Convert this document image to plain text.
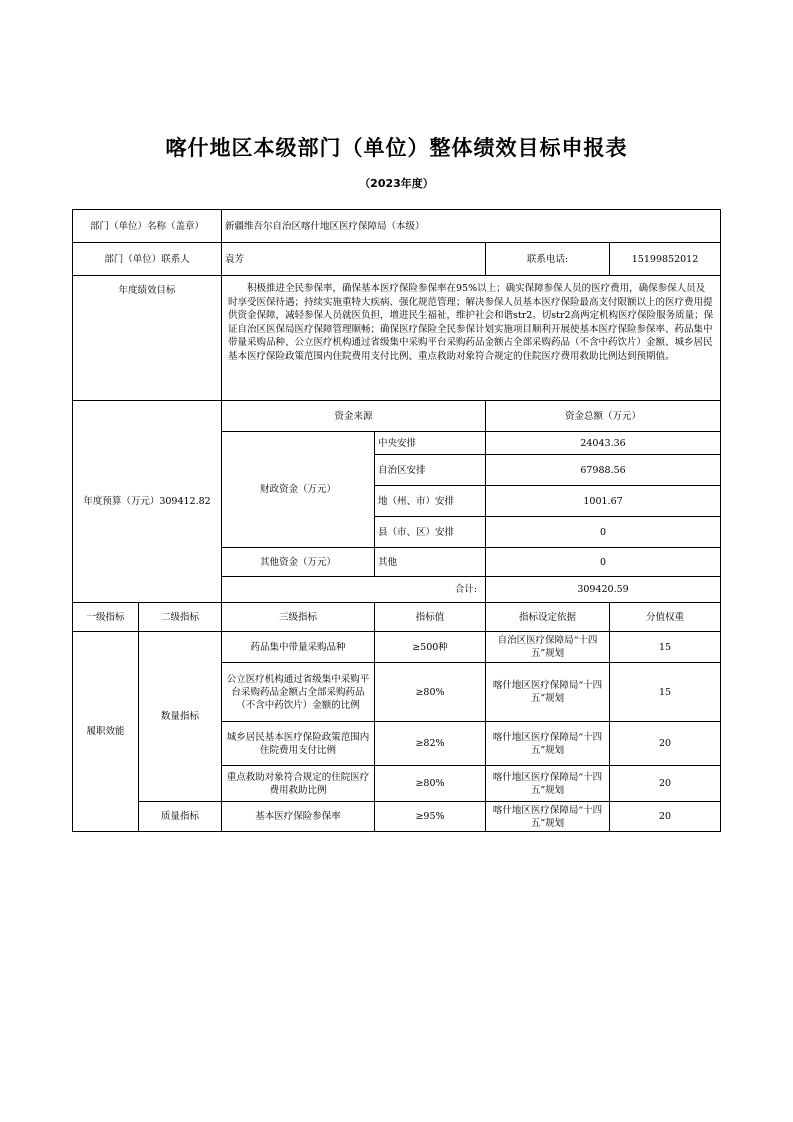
喀什地区本级部门（单位）整体绩效目标申报表
（2023年度）
部门（单位）名称（盖章）		新疆维吾尔自治区喀什地区医疗保障局（本级）			
部门（单位）联系人		袁芳		联系电话:	15199852012
年度绩效目标		积极推进全民参保率，确保基本医疗保险参保率在95%以上；确实保障参保人员的医疗费用，确保参保人员及时享受医保待遇；持续实施重特大疾病、强化规范管理；解决参保人员基本医疗保险最高支付限额以上的医疗费用提供资金保障，减轻参保人员就医负担，增进民生福祉，维护社会和谐str2。切str2高两定机构医疗保险服务质量；保证自治区医保局医疗保障管理顺畅；确保医疗保险全民参保计划实施项目顺利开展使基本医疗保险参保率、药品集中带量采购品种、公立医疗机构通过省级集中采购平台采购药品金额占全部采购药品（不含中药饮片）金额、城乡居民基本医疗保险政策范围内住院费用支付比例、重点救助对象符合规定的住院医疗费用救助比例达到预期值。			
年度预算（万元）309412.82		资金来源		资金总额（万元）	
		财政资金（万元）	中央安排	24043.36	
			自治区安排	67988.56	
			地（州、市）安排	1001.67	
			县（市、区）安排	0	
		其他资金（万元）	其他	0	
		合计:		309420.59	
一级指标	二级指标	三级指标	指标值	指标设定依据	分值权重
履职效能	数量指标	药品集中带量采购品种	≥500种	自治区医疗保障局“十四五”规划	15
		公立医疗机构通过省级集中采购平台采购药品金额占全部采购药品（不含中药饮片）金额的比例	≥80%	喀什地区医疗保障局“十四五”规划	15
		城乡居民基本医疗保险政策范围内住院费用支付比例	≥82%	喀什地区医疗保障局“十四五”规划	20
		重点救助对象符合规定的住院医疗费用救助比例	≥80%	喀什地区医疗保障局“十四五”规划	20
	质量指标	基本医疗保险参保率	≥95%	喀什地区医疗保障局“十四五”规划	20
